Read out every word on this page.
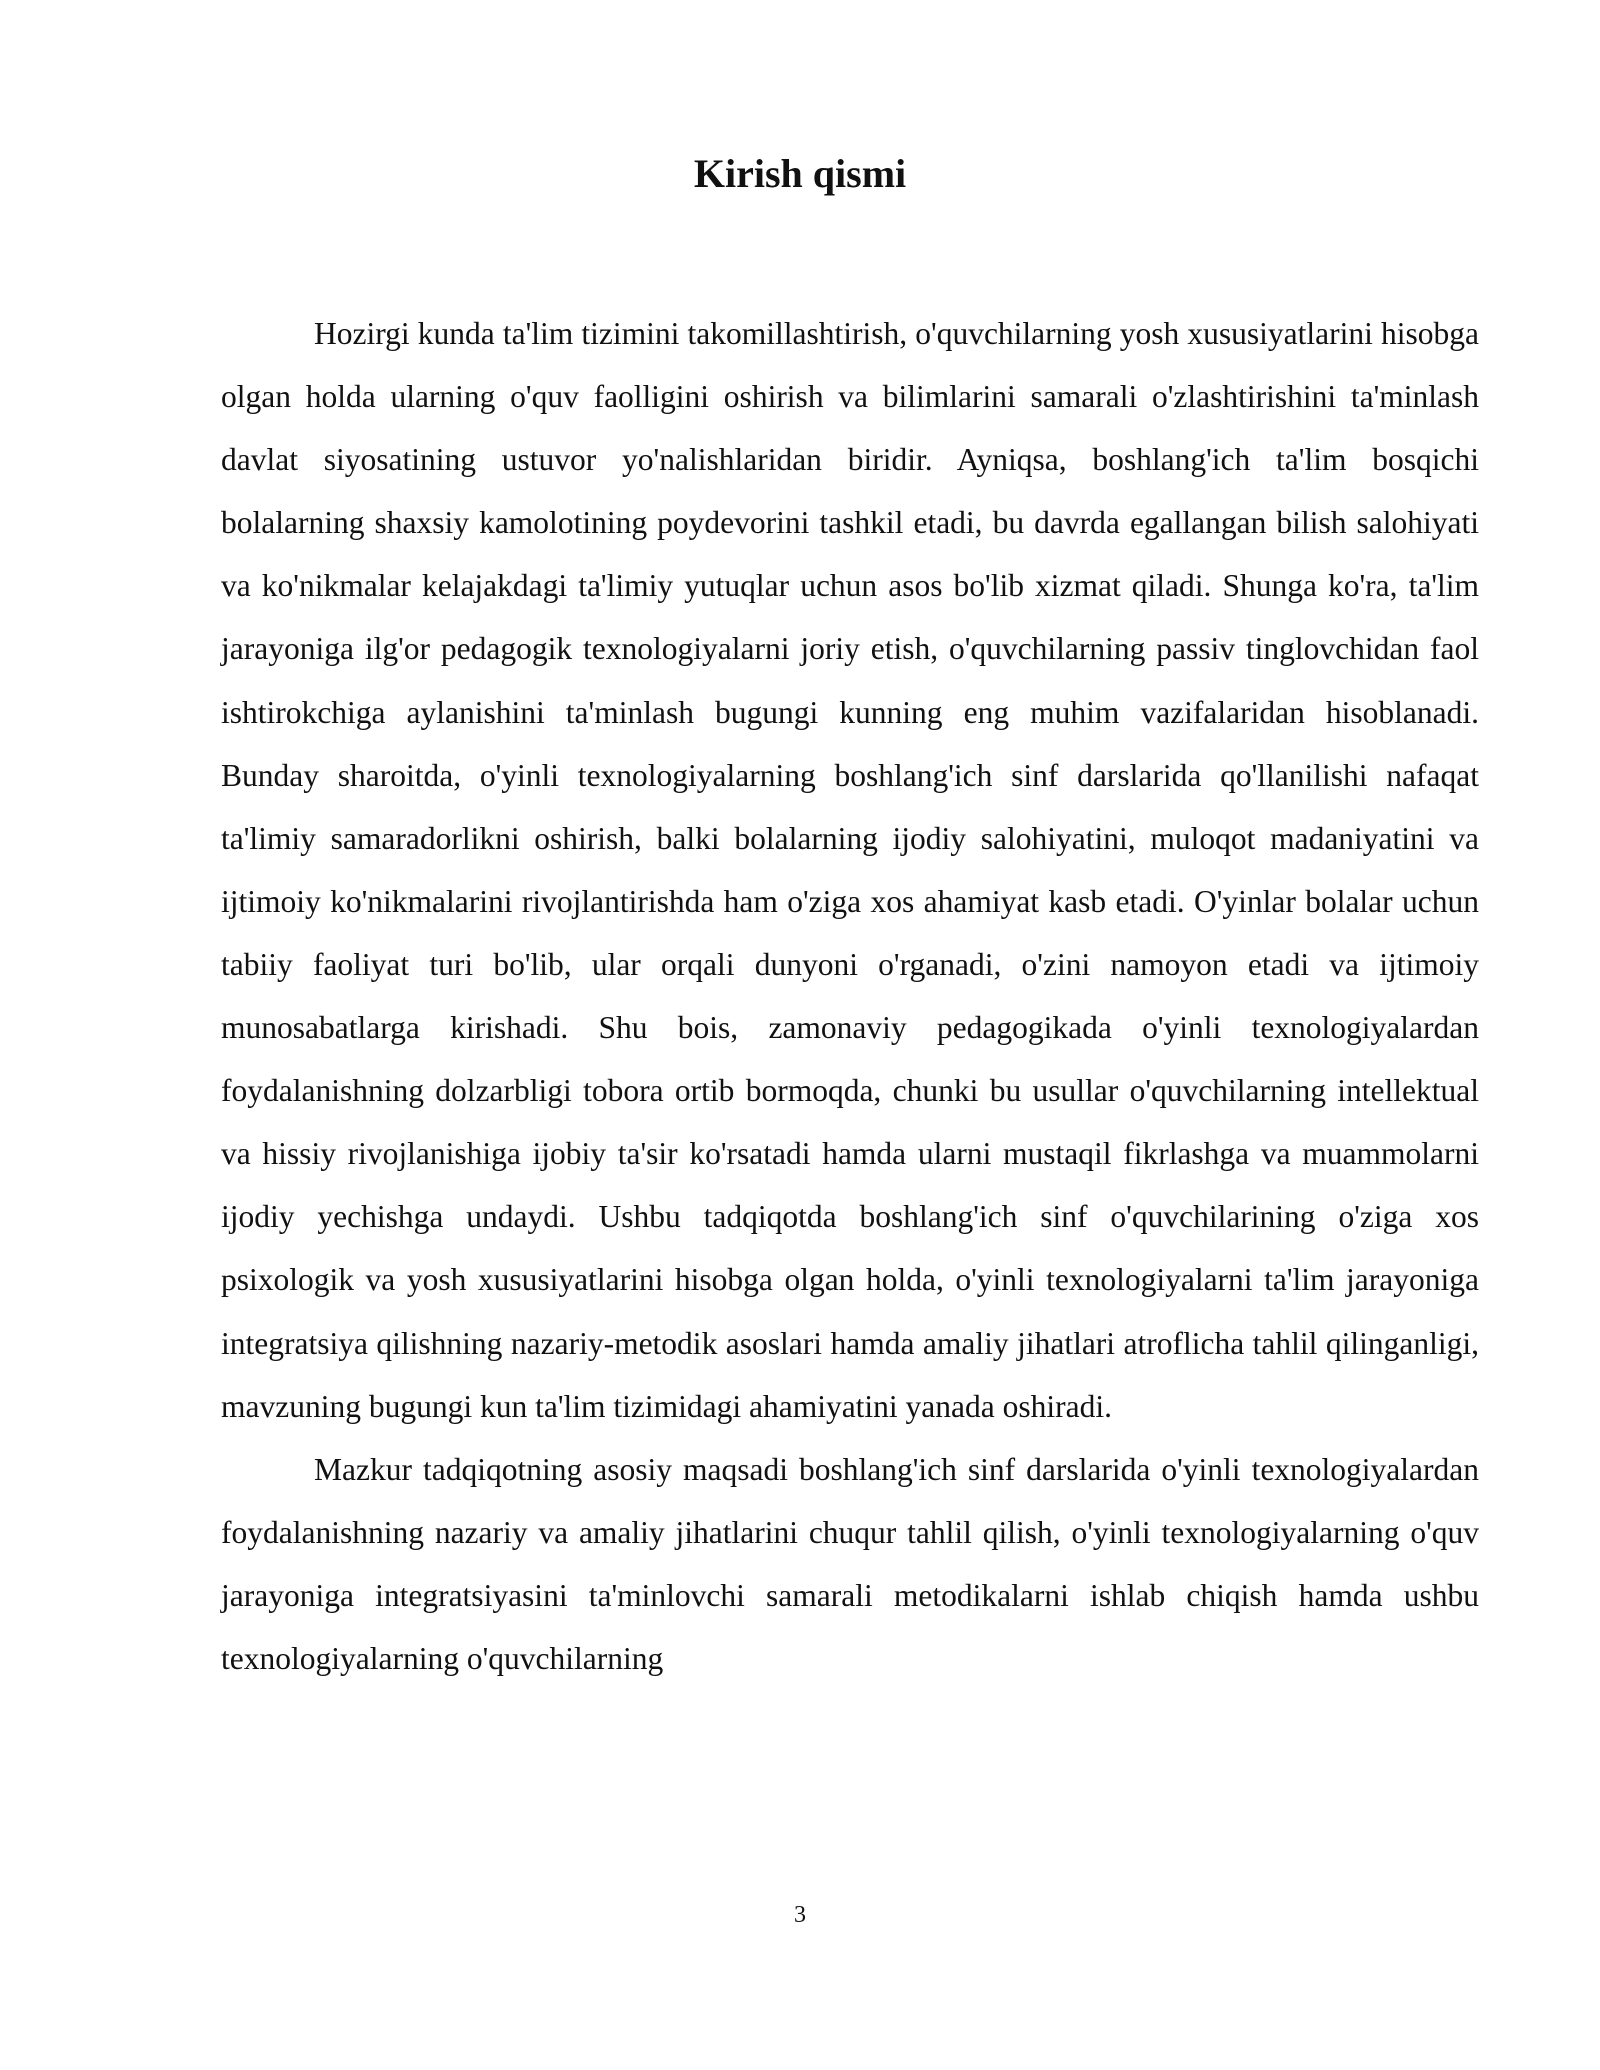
Kirish qismi

Hozirgi kunda ta'lim tizimini takomillashtirish, o'quvchilarning yosh xususiyatlarini hisobga olgan holda ularning o'quv faolligini oshirish va bilimlarini samarali o'zlashtirishini ta'minlash davlat siyosatining ustuvor yo'nalishlaridan biridir. Ayniqsa, boshlang'ich ta'lim bosqichi bolalarning shaxsiy kamolotining poydevorini tashkil etadi, bu davrda egallangan bilish salohiyati va ko'nikmalar kelajakdagi ta'limiy yutuqlar uchun asos bo'lib xizmat qiladi. Shunga ko'ra, ta'lim jarayoniga ilg'or pedagogik texnologiyalarni joriy etish, o'quvchilarning passiv tinglovchidan faol ishtirokchiga aylanishini ta'minlash bugungi kunning eng muhim vazifalaridan hisoblanadi. Bunday sharoitda, o'yinli texnologiyalarning boshlang'ich sinf darslarida qo'llanilishi nafaqat ta'limiy samaradorlikni oshirish, balki bolalarning ijodiy salohiyatini, muloqot madaniyatini va ijtimoiy ko'nikmalarini rivojlantirishda ham o'ziga xos ahamiyat kasb etadi. O'yinlar bolalar uchun tabiiy faoliyat turi bo'lib, ular orqali dunyoni o'rganadi, o'zini namoyon etadi va ijtimoiy munosabatlarga kirishadi. Shu bois, zamonaviy pedagogikada o'yinli texnologiyalardan foydalanishning dolzarbligi tobora ortib bormoqda, chunki bu usullar o'quvchilarning intellektual va hissiy rivojlanishiga ijobiy ta'sir ko'rsatadi hamda ularni mustaqil fikrlashga va muammolarni ijodiy yechishga undaydi. Ushbu tadqiqotda boshlang'ich sinf o'quvchilarining o'ziga xos psixologik va yosh xususiyatlarini hisobga olgan holda, o'yinli texnologiyalarni ta'lim jarayoniga integratsiya qilishning nazariy-metodik asoslari hamda amaliy jihatlari atroflicha tahlil qilinganligi, mavzuning bugungi kun ta'lim tizimidagi ahamiyatini yanada oshiradi.

Mazkur tadqiqotning asosiy maqsadi boshlang'ich sinf darslarida o'yinli texnologiyalardan foydalanishning nazariy va amaliy jihatlarini chuqur tahlil qilish, o'yinli texnologiyalarning o'quv jarayoniga integratsiyasini ta'minlovchi samarali metodikalarni ishlab chiqish hamda ushbu texnologiyalarning o'quvchilarning

3
